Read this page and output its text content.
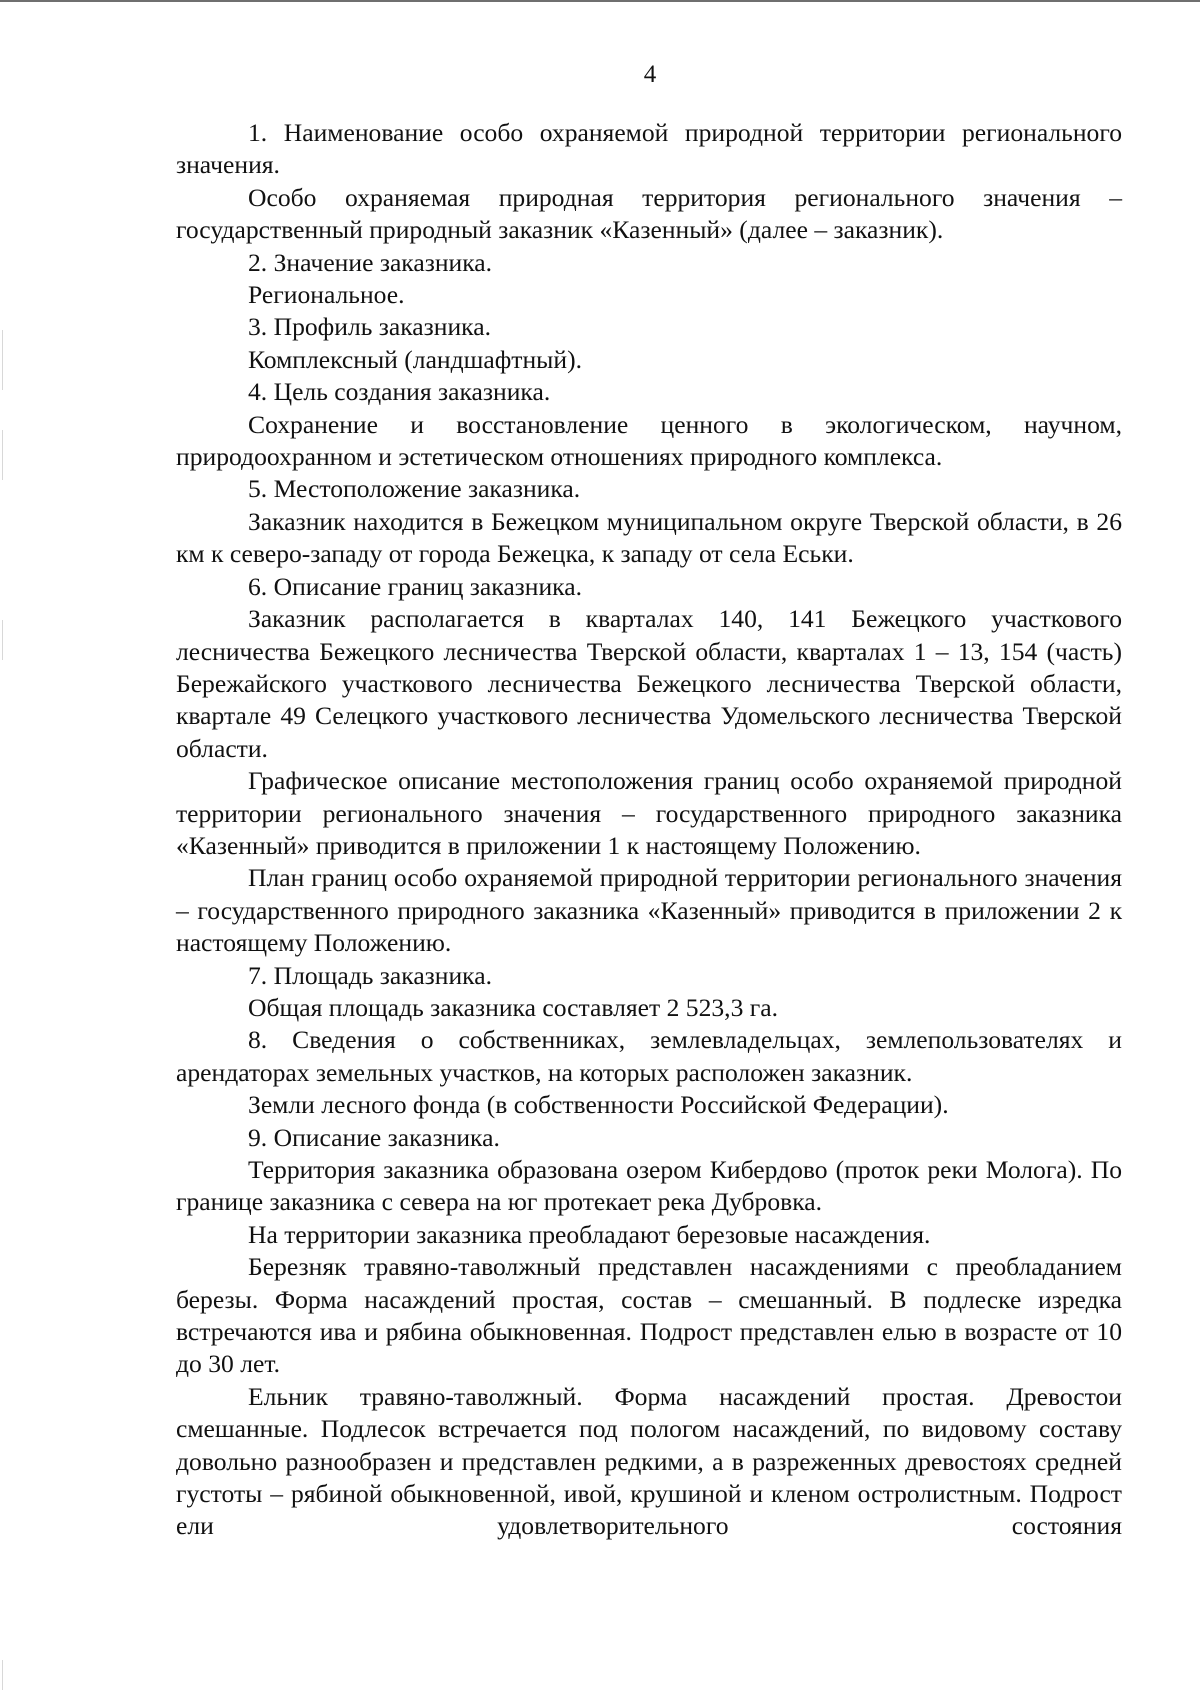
4

1. Наименование особо охраняемой природной территории регионального значения.

Особо охраняемая природная территория регионального значения – государственный природный заказник «Казенный» (далее – заказник).

2. Значение заказника.

Региональное.

3. Профиль заказника.

Комплексный (ландшафтный).

4. Цель создания заказника.

Сохранение и восстановление ценного в экологическом, научном, природоохранном и эстетическом отношениях природного комплекса.

5. Местоположение заказника.

Заказник находится в Бежецком муниципальном округе Тверской области, в 26 км к северо-западу от города Бежецка, к западу от села Еськи.

6. Описание границ заказника.

Заказник располагается в кварталах 140, 141 Бежецкого участкового лесничества Бежецкого лесничества Тверской области, кварталах 1 – 13, 154 (часть) Бережайского участкового лесничества Бежецкого лесничества Тверской области, квартале 49 Селецкого участкового лесничества Удомельского лесничества Тверской области.

Графическое описание местоположения границ особо охраняемой природной территории регионального значения – государственного природного заказника «Казенный» приводится в приложении 1 к настоящему Положению.

План границ особо охраняемой природной территории регионального значения – государственного природного заказника «Казенный» приводится в приложении 2 к настоящему Положению.

7. Площадь заказника.

Общая площадь заказника составляет 2 523,3 га.

8. Сведения о собственниках, землевладельцах, землепользователях и арендаторах земельных участков, на которых расположен заказник.

Земли лесного фонда (в собственности Российской Федерации).

9. Описание заказника.

Территория заказника образована озером Кибердово (проток реки Молога). По границе заказника с севера на юг протекает река Дубровка.

На территории заказника преобладают березовые насаждения.

Березняк травяно-таволжный представлен насаждениями с преобладанием березы. Форма насаждений простая, состав – смешанный. В подлеске изредка встречаются ива и рябина обыкновенная. Подрост представлен елью в возрасте от 10 до 30 лет.

Ельник травяно-таволжный. Форма насаждений простая. Древостои смешанные. Подлесок встречается под пологом насаждений, по видовому составу довольно разнообразен и представлен редкими, а в разреженных древостоях средней густоты – рябиной обыкновенной, ивой, крушиной и кленом остролистным. Подрост ели удовлетворительного состояния
